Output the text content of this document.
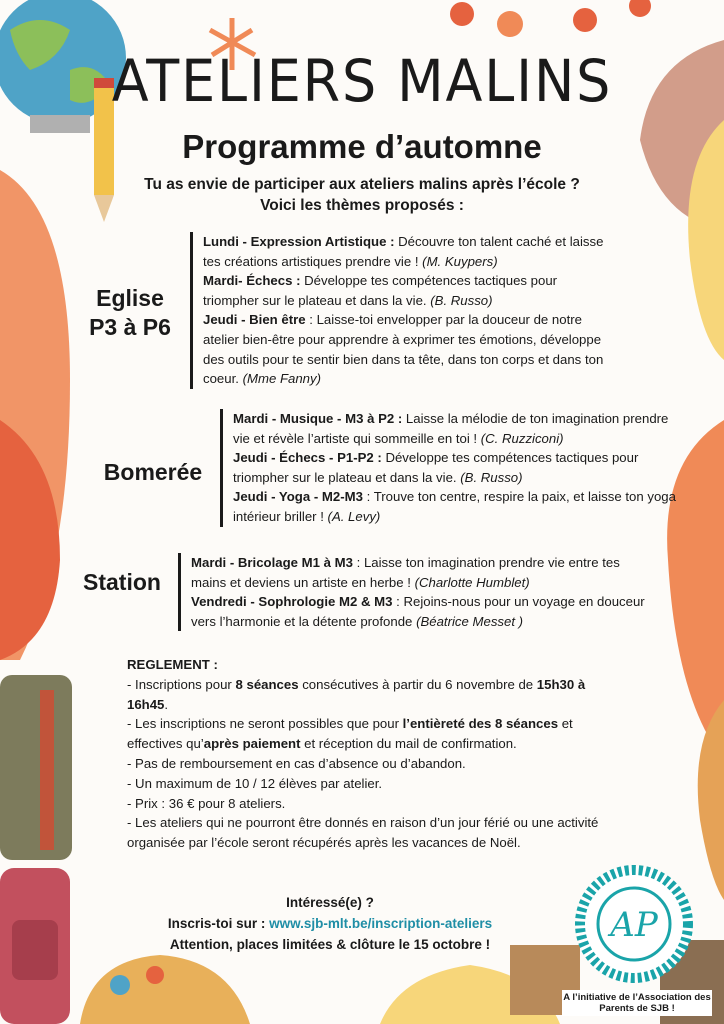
ATELIERS MALINS
Programme d’automne
Tu as envie de participer aux ateliers malins après l’école ?
Voici les thèmes proposés :
Eglise
P3 à P6

Lundi - Expression Artistique : Découvre ton talent caché et laisse tes créations artistiques prendre vie ! (M. Kuypers)

Mardi- Échecs : Développe tes compétences tactiques pour triompher sur le plateau et dans la vie. (B. Russo)

Jeudi - Bien être : Laisse-toi envelopper par la douceur de notre atelier bien-être pour apprendre à exprimer tes émotions, développe des outils pour te sentir bien dans ta tête, dans ton corps et dans ton coeur. (Mme Fanny)

Bomerée

Mardi - Musique - M3 à P2 : Laisse la mélodie de ton imagination prendre vie et révèle l’artiste qui sommeille en toi ! (C. Ruzziconi)

Jeudi - Échecs - P1-P2 : Développe tes compétences tactiques pour triompher sur le plateau et dans la vie. (B. Russo)

Jeudi - Yoga - M2-M3 : Trouve ton centre, respire la paix, et laisse ton yoga intérieur briller ! (A. Levy)

Station

Mardi - Bricolage M1 à M3 : Laisse ton imagination prendre vie entre tes mains et deviens un artiste en herbe ! (Charlotte Humblet)

Vendredi - Sophrologie M2 & M3 : Rejoins-nous pour un voyage en douceur vers l’harmonie et la détente profonde (Béatrice Messet )

REGLEMENT :

- Inscriptions pour 8 séances consécutives à partir du 6 novembre de 15h30 à 16h45.

- Les inscriptions ne seront possibles que pour l’entièreté des 8 séances et effectives qu’après paiement et réception du mail de confirmation.

- Pas de remboursement en cas d’absence ou d’abandon.

- Un maximum de 10 / 12 élèves par atelier.

- Prix : 36 € pour 8 ateliers.

- Les ateliers qui ne pourront être donnés en raison d’un jour férié ou une activité organisée par l’école seront récupérés après les vacances de Noël.

Intéressé(e) ?
Inscris-toi sur : www.sjb-mlt.be/inscription-ateliers
Attention, places limitées & clôture le 15 octobre !	AP
A l’initiative de l’Association des Parents de SJB !
